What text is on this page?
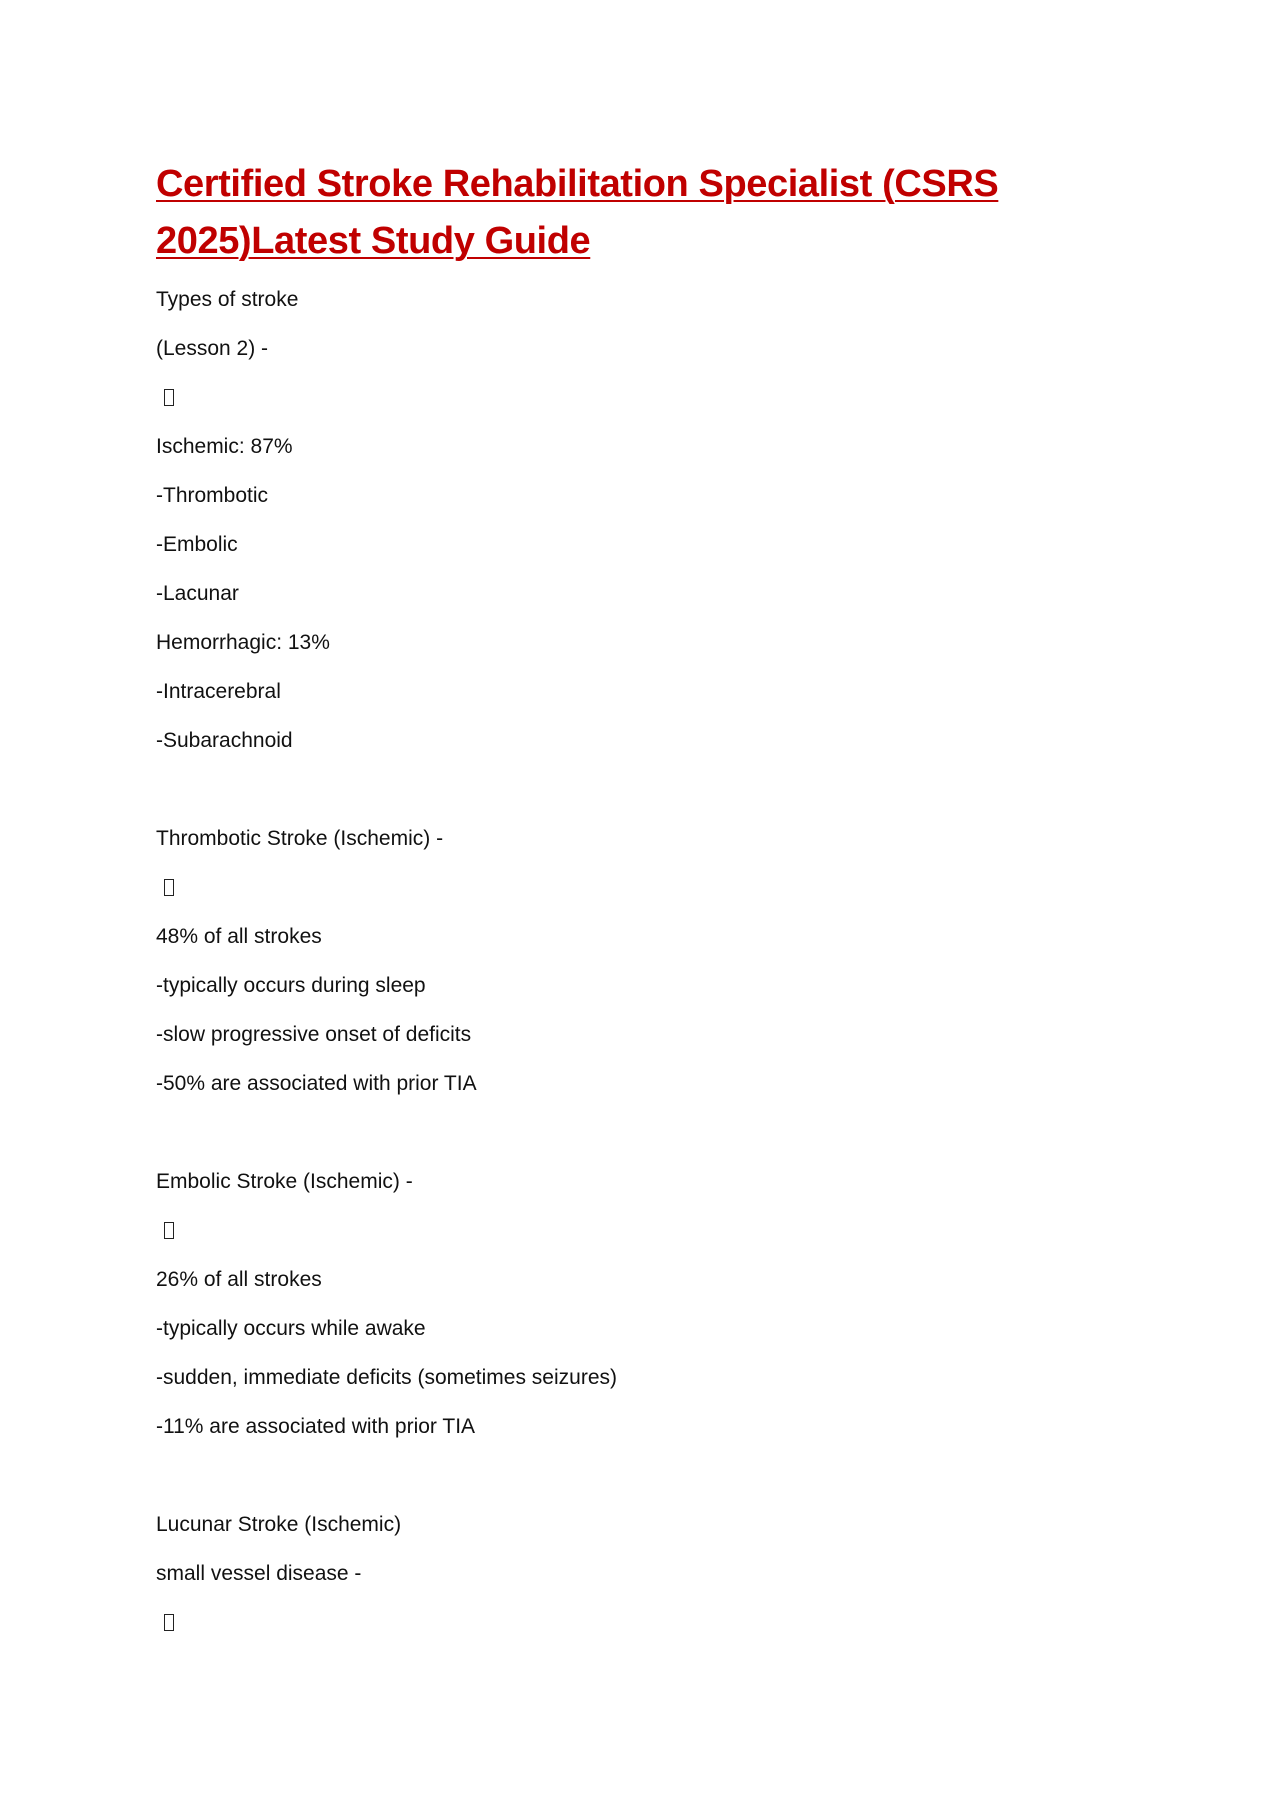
Certified Stroke Rehabilitation Specialist (CSRS
2025)Latest Study Guide
Types of stroke
(Lesson 2) -
Ischemic: 87%
-Thrombotic
-Embolic
-Lacunar
Hemorrhagic: 13%
-Intracerebral
-Subarachnoid
Thrombotic Stroke (Ischemic) -
48% of all strokes
-typically occurs during sleep
-slow progressive onset of deficits
-50% are associated with prior TIA
Embolic Stroke (Ischemic) -
26% of all strokes
-typically occurs while awake
-sudden, immediate deficits (sometimes seizures)
-11% are associated with prior TIA
Lucunar Stroke (Ischemic)
small vessel disease -
